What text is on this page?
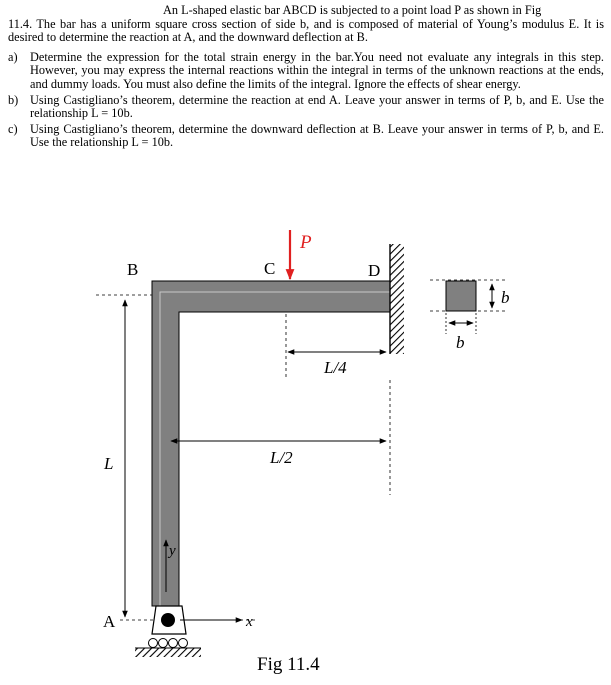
An L-shaped elastic bar ABCD is subjected to a point load P as shown in Fig
11.4. The bar has a uniform square cross section of side b, and is composed of material of Young’s modulus E. It is desired to determine the reaction at A, and the downward deflection at B.

a)	Determine the expression for the total strain energy in the bar.You need not evaluate any integrals in this step. However, you may express the internal reactions within the integral in terms of the unknown reactions at the ends, and dummy loads. You must also define the limits of the integral. Ignore the effects of shear energy.
b) Using Castigliano’s theorem, determine the reaction at end A. Leave your answer in terms of P, b, and E. Use the relationship L = 10b.
c)	Using Castigliano’s theorem, determine the downward deflection at B. Leave your answer in terms of P, b, and E. Use the relationship L = 10b.
P
B	C	D
A
L/4
L/2
L
y
x
b
b
Fig 11.4
